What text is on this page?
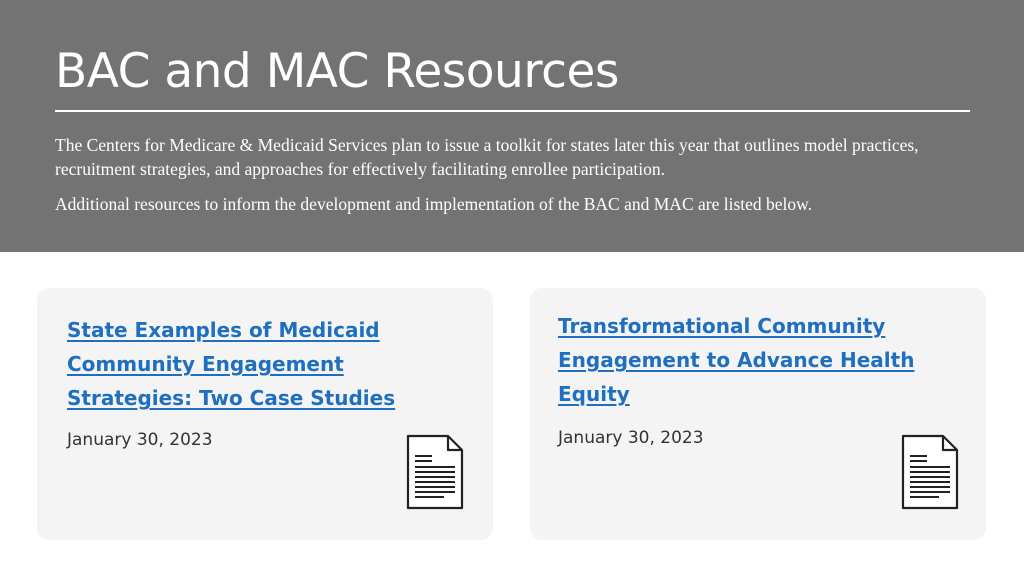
BAC and MAC Resources

The Centers for Medicare & Medicaid Services plan to issue a toolkit for states later this year that outlines model practices, recruitment strategies, and approaches for effectively facilitating enrollee participation.

Additional resources to inform the development and implementation of the BAC and MAC are listed below.

State Examples of Medicaid Community Engagement Strategies: Two Case Studies
January 30, 2023
Transformational Community Engagement to Advance Health Equity
January 30, 2023
